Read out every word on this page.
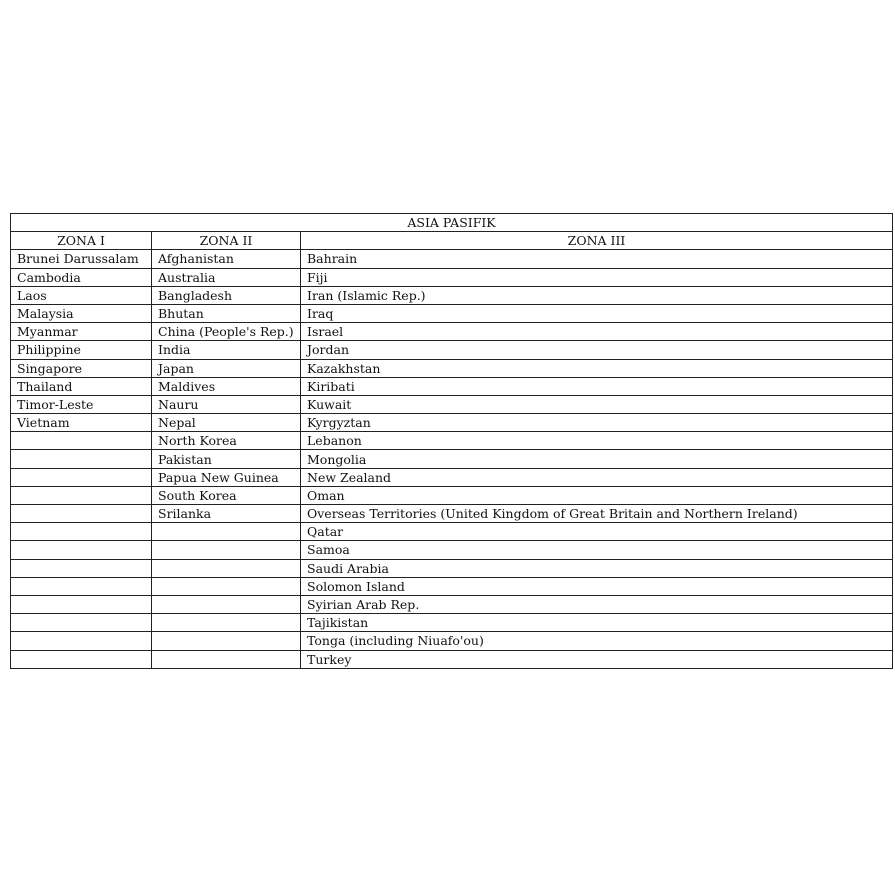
ASIA PASIFIK		
ZONA I	ZONA II	ZONA III
Brunei Darussalam	Afghanistan	Bahrain
Cambodia	Australia	Fiji
Laos	Bangladesh	Iran (Islamic Rep.)
Malaysia	Bhutan	Iraq
Myanmar	China (People's Rep.)	Israel
Philippine	India	Jordan
Singapore	Japan	Kazakhstan
Thailand	Maldives	Kiribati
Timor-Leste	Nauru	Kuwait
Vietnam	Nepal	Kyrgyztan
	North Korea	Lebanon
	Pakistan	Mongolia
	Papua New Guinea	New Zealand
	South Korea	Oman
	Srilanka	Overseas Territories (United Kingdom of Great Britain and Northern Ireland)
		Qatar
		Samoa
		Saudi Arabia
		Solomon Island
		Syirian Arab Rep.
		Tajikistan
		Tonga (including Niuafo'ou)
		Turkey
